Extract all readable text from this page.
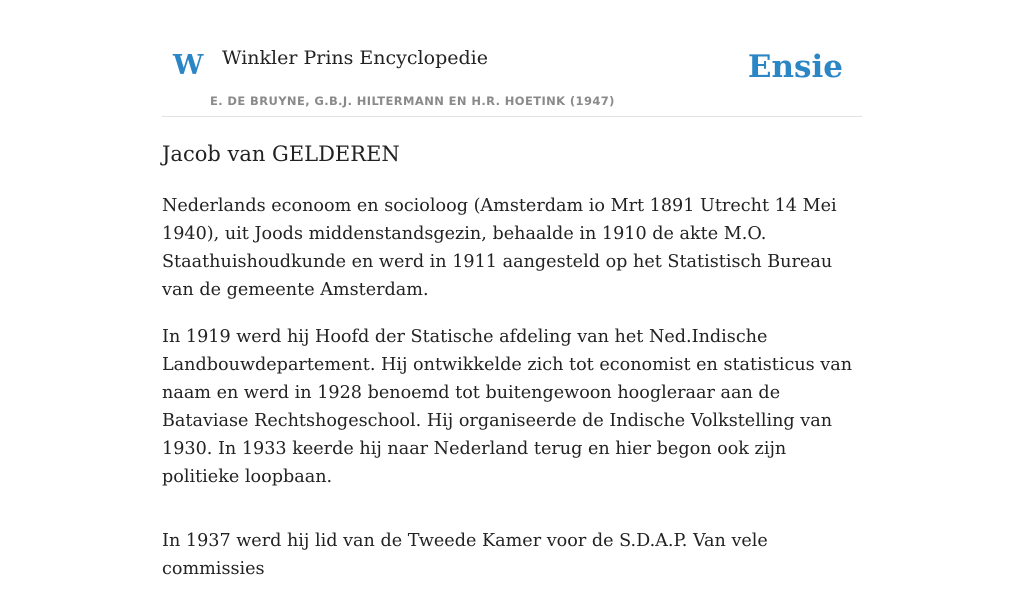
W Winkler Prins Encyclopedie
E. DE BRUYNE, G.B.J. HILTERMANN EN H.R. HOETINK (1947)
Ensie
Jacob van GELDEREN

Nederlands econoom en socioloog (Amsterdam io Mrt 1891 Utrecht 14 Mei 1940), uit Joods middenstandsgezin, behaalde in 1910 de akte M.O. Staathuishoudkunde en werd in 1911 aangesteld op het Statistisch Bureau van de gemeente Amsterdam.

In 1919 werd hij Hoofd der Statische afdeling van het Ned.Indische Landbouwdepartement. Hij ontwikkelde zich tot economist en statisticus van naam en werd in 1928 benoemd tot buitengewoon hoogleraar aan de Bataviase Rechtshogeschool. Hij organiseerde de Indische Volkstelling van 1930. In 1933 keerde hij naar Nederland terug en hier begon ook zijn politieke loopbaan.

In 1937 werd hij lid van de Tweede Kamer voor de S.D.A.P. Van vele commissies
